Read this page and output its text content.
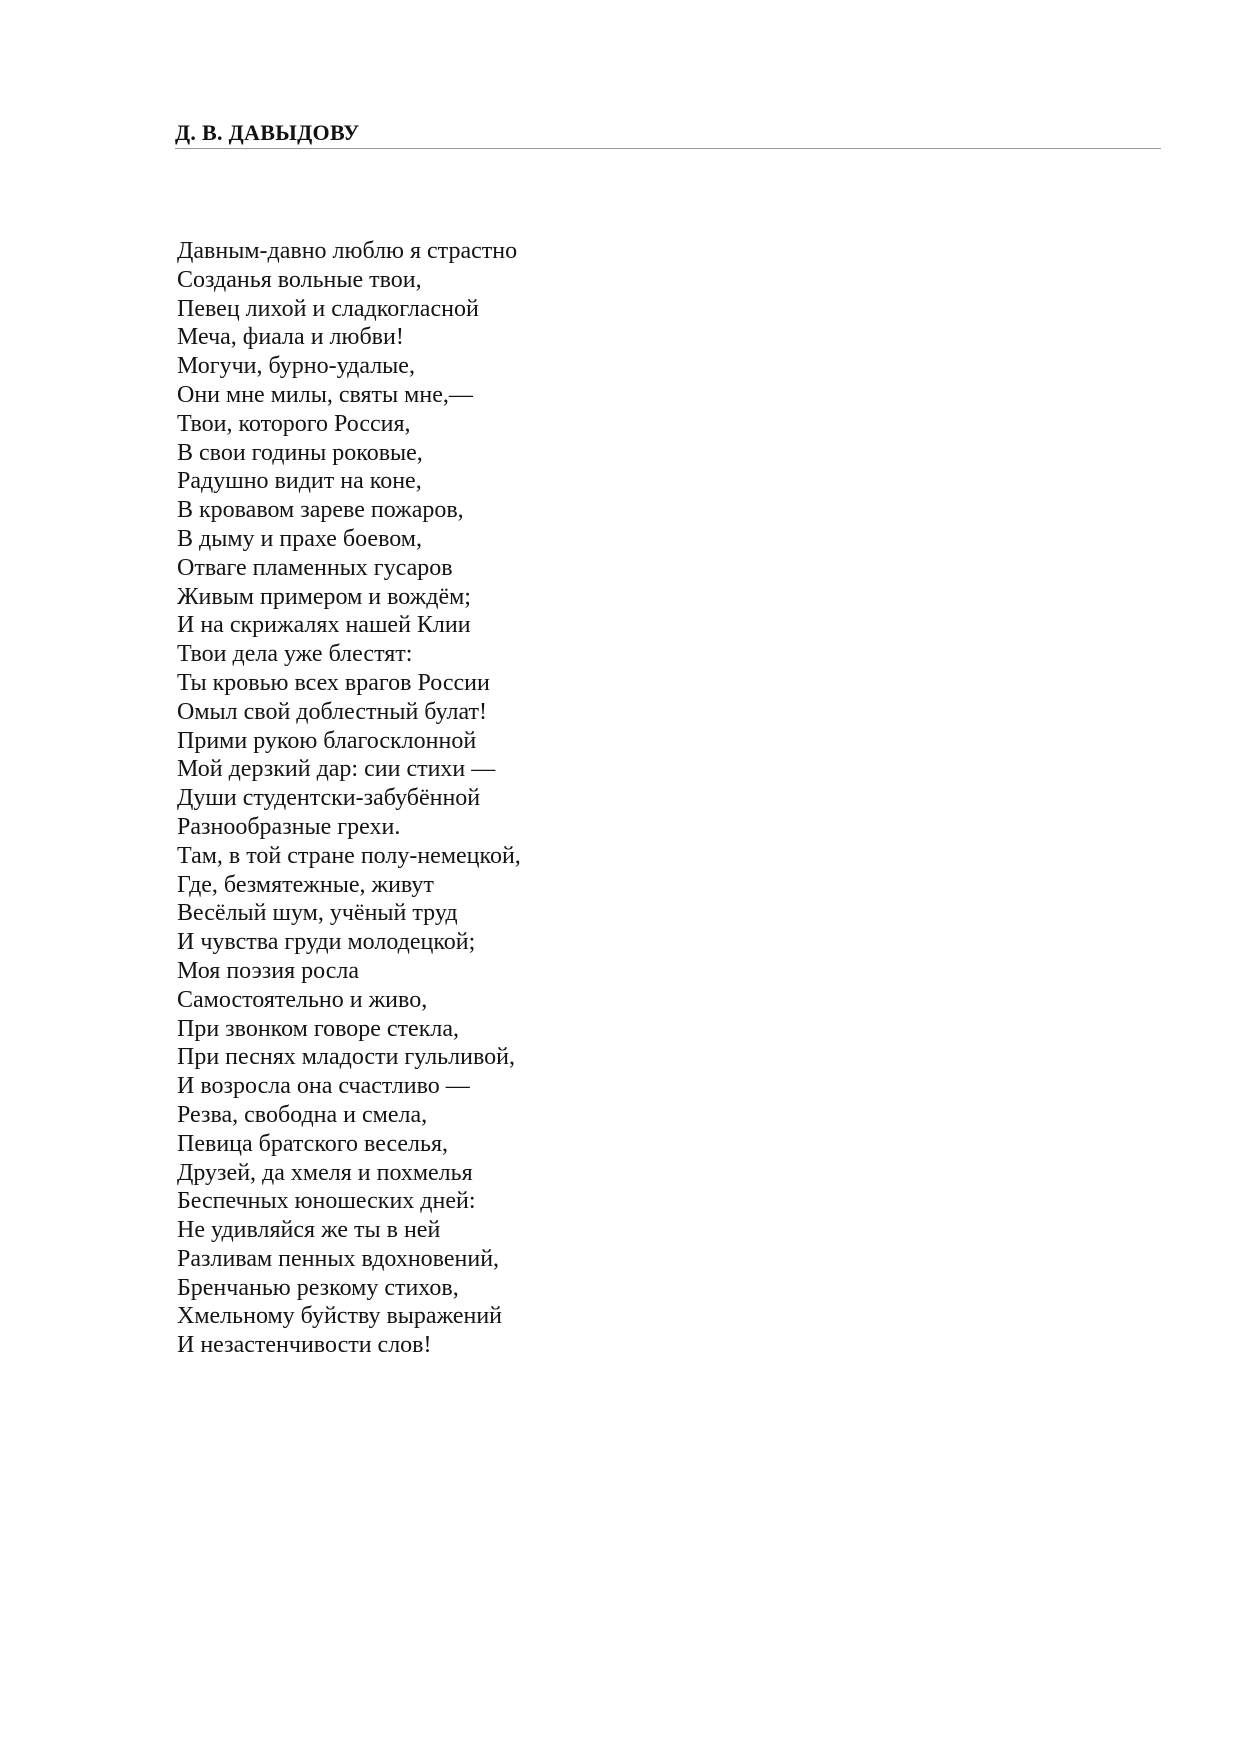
Д. В. ДАВЫДОВУ
Давным-давно люблю я страстно
Созданья вольные твои,
Певец лихой и сладкогласной
Меча, фиала и любви!
Могучи, бурно-удалые,
Они мне милы, святы мне,—
Твои, которого Россия,
В свои годины роковые,
Радушно видит на коне,
В кровавом зареве пожаров,
В дыму и прахе боевом,
Отваге пламенных гусаров
Живым примером и вождём;
И на скрижалях нашей Клии
Твои дела уже блестят:
Ты кровью всех врагов России
Омыл свой доблестный булат!
Прими рукою благосклонной
Мой дерзкий дар: сии стихи —
Души студентски-забубённой
Разнообразные грехи.
Там, в той стране полу-немецкой,
Где, безмятежные, живут
Весёлый шум, учёный труд
И чувства груди молодецкой;
Моя поэзия росла
Самостоятельно и живо,
При звонком говоре стекла,
При песнях младости гульливой,
И возросла она счастливо —
Резва, свободна и смела,
Певица братского веселья,
Друзей, да хмеля и похмелья
Беспечных юношеских дней:
Не удивляйся же ты в ней
Разливам пенных вдохновений,
Бренчанью резкому стихов,
Хмельному буйству выражений
И незастенчивости слов!
